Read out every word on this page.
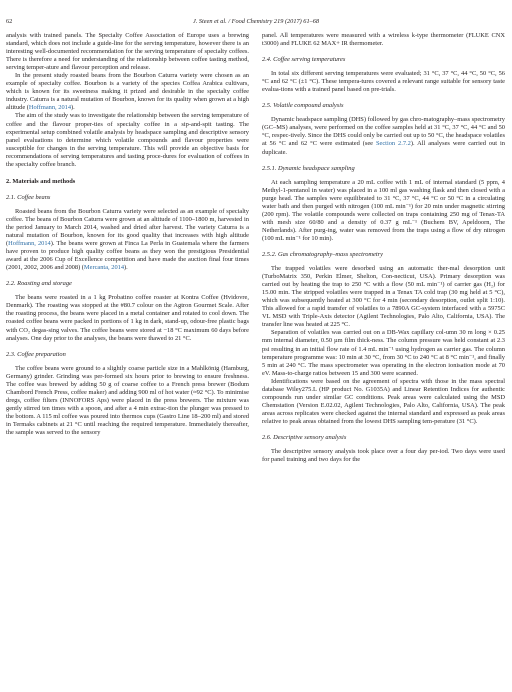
62	J. Steen et al. / Food Chemistry 219 (2017) 61–68

analysis with trained panels. The Specialty Coffee Association of Europe uses a brewing standard, which does not include a guide-line for the serving temperature, however there is an interesting well-documented recommendation for the serving temperature of specialty coffees. There is therefore a need for understanding of the relationship between coffee tasting method, serving temper-ature and flavour perception and release.

In the present study roasted beans from the Bourbon Caturra variety were chosen as an example of specialty coffee. Bourbon is a variety of the species Coffea Arabica cultivars, which is known for its sweetness making it prized and desirable in the specialty coffee industry. Caturra is a natural mutation of Bourbon, known for its quality when grown at a high altitude (Hoffmann, 2014).

The aim of the study was to investigate the relationship between the serving temperature of coffee and the flavour proper-ties of specialty coffee in a sip-and-spit tasting. The experimental setup combined volatile analysis by headspace sampling and descriptive sensory panel evaluations to determine which volatile compounds and flavour properties were susceptible for changes in the serving temperature. This will provide an objective basis for recommendations of serving temperatures and tasting proce-dures for evaluation of coffees in the specialty coffee branch.

2. Materials and methods
2.1. Coffee beans

Roasted beans from the Bourbon Caturra variety were selected as an example of specialty coffee. The beans of Bourbon Caturra were grown at an altitude of 1100–1800 m, harvested in the period January to March 2014, washed and dried after harvest. The variety Caturra is a natural mutation of Bourbon, known for its good quality that increases with high altitude (Hoffmann, 2014). The beans were grown at Finca La Perla in Guatemala where the farmers have proven to produce high quality coffee beans as they won the prestigious Presidential award at the 2006 Cup of Excellence competition and have made the auction final four times (2001, 2002, 2006 and 2008) (Mercanta, 2014).

2.2. Roasting and storage

The beans were roasted in a 1 kg Probatino coffee roaster at Kontra Coffee (Hvidovre, Denmark). The roasting was stopped at the #80.7 colour on the Agtron Gourmet Scale. After the roasting process, the beans were placed in a metal container and rotated to cool down. The roasted coffee beans were packed in portions of 1 kg in dark, stand-up, odour-free plastic bags with CO₂ degas-sing valves. The coffee beans were stored at −18 °C maximum 60 days before analyses. One day prior to the analyses, the beans were thawed to 21 °C.

2.3. Coffee preparation

The coffee beans were ground to a slightly coarse particle size in a Mahlkönig (Hamburg, Germany) grinder. Grinding was per-formed six hours prior to brewing to ensure freshness. The coffee was brewed by adding 50 g of coarse coffee to a French press brewer (Bodum Chambord French Press, coffee maker) and adding 900 ml of hot water (≈92 °C). To minimise dregs, coffee filters (INNOFORS Aps) were placed in the press brewers. The mixture was gently stirred ten times with a spoon, and after a 4 min extrac-tion the plunger was pressed to the bottom. A 115 ml coffee was poured into thermos cups (Gastro Line 18–200 ml) and stored in Termaks cabinets at 21 °C until reaching the required temperature. Immediately thereafter, the sample was served to the sensory

panel. All temperatures were measured with a wireless k-type thermometer (FLUKE CNX t3000) and FLUKE 62 MAX+ IR thermometer.

2.4. Coffee serving temperatures

In total six different serving temperatures were evaluated; 31 °C, 37 °C, 44 °C, 50 °C, 56 °C and 62 °C (±1 °C). These tempera-tures covered a relevant range suitable for sensory taste evalua-tions with a trained panel based on pre-trials.

2.5. Volatile compound analysis

Dynamic headspace sampling (DHS) followed by gas chro-matography–mass spectrometry (GC–MS) analyses, were performed on the coffee samples held at 31 °C, 37 °C, 44 °C and 50 °C, respec-tively. Since the DHS could only be carried out up to 50 °C, the headspace volatiles at 56 °C and 62 °C were estimated (see Section 2.7.2). All analyses were carried out in duplicate.

2.5.1. Dynamic headspace sampling

At each sampling temperature a 20 mL coffee with 1 mL of internal standard (5 ppm, 4 Methyl-1-pentanol in water) was placed in a 100 ml gas washing flask and then closed with a purge head. The samples were equilibrated to 31 °C, 37 °C, 44 °C or 50 °C in a circulating water bath and then purged with nitrogen (100 mL min⁻¹) for 20 min under magnetic stirring (200 rpm). The volatile compounds were collected on traps containing 250 mg of Tenax-TA with mesh size 60/80 and a density of 0.37 g mL⁻¹ (Buchem BV, Apeldoorn, The Netherlands). After purg-ing, water was removed from the traps using a flow of dry nitrogen (100 mL min⁻¹ for 10 min).

2.5.2. Gas chromatography–mass spectrometry

The trapped volatiles were desorbed using an automatic ther-mal desorption unit (TurboMatrix 350, Perkin Elmer, Shelton, Con-necticut, USA). Primary desorption was carried out by heating the trap to 250 °C with a flow (50 mL min⁻¹) of carrier gas (H₂) for 15.00 min. The stripped volatiles were trapped in a Tenax TA cold trap (30 mg held at 5 °C), which was subsequently heated at 300 °C for 4 min (secondary desorption, outlet split 1:10). This allowed for a rapid transfer of volatiles to a 7890A GC-system interfaced with a 5975C VL MSD with Triple-Axis detector (Agilent Technologies, Palo Alto, California, USA). The transfer line was heated at 225 °C.

Separation of volatiles was carried out on a DB-Wax capillary col-umn 30 m long × 0.25 mm internal diameter, 0.50 µm film thick-ness. The column pressure was held constant at 2.3 psi resulting in an initial flow rate of 1.4 mL min⁻¹ using hydrogen as carrier gas. The column temperature programme was: 10 min at 30 °C, from 30 °C to 240 °C at 8 °C min⁻¹, and finally 5 min at 240 °C. The mass spectrometer was operating in the electron ionisation mode at 70 eV. Mass-to-charge ratios between 15 and 300 were scanned.

Identifications were based on the agreement of spectra with those in the mass spectral database Wiley275.L (HP product No. G1035A) and Linear Retention Indices for authentic compounds run under similar GC conditions. Peak areas were calculated using the MSD Chemstation (Version E.02.02, Agilent Technologies, Palo Alto, California, USA). The peak areas across replicates were checked against the internal standard and expressed as peak areas relative to peak areas obtained from the lowest DHS sampling tem-perature (31 °C).

2.6. Descriptive sensory analysis

The descriptive sensory analysis took place over a four day per-iod. Two days were used for panel training and two days for the
